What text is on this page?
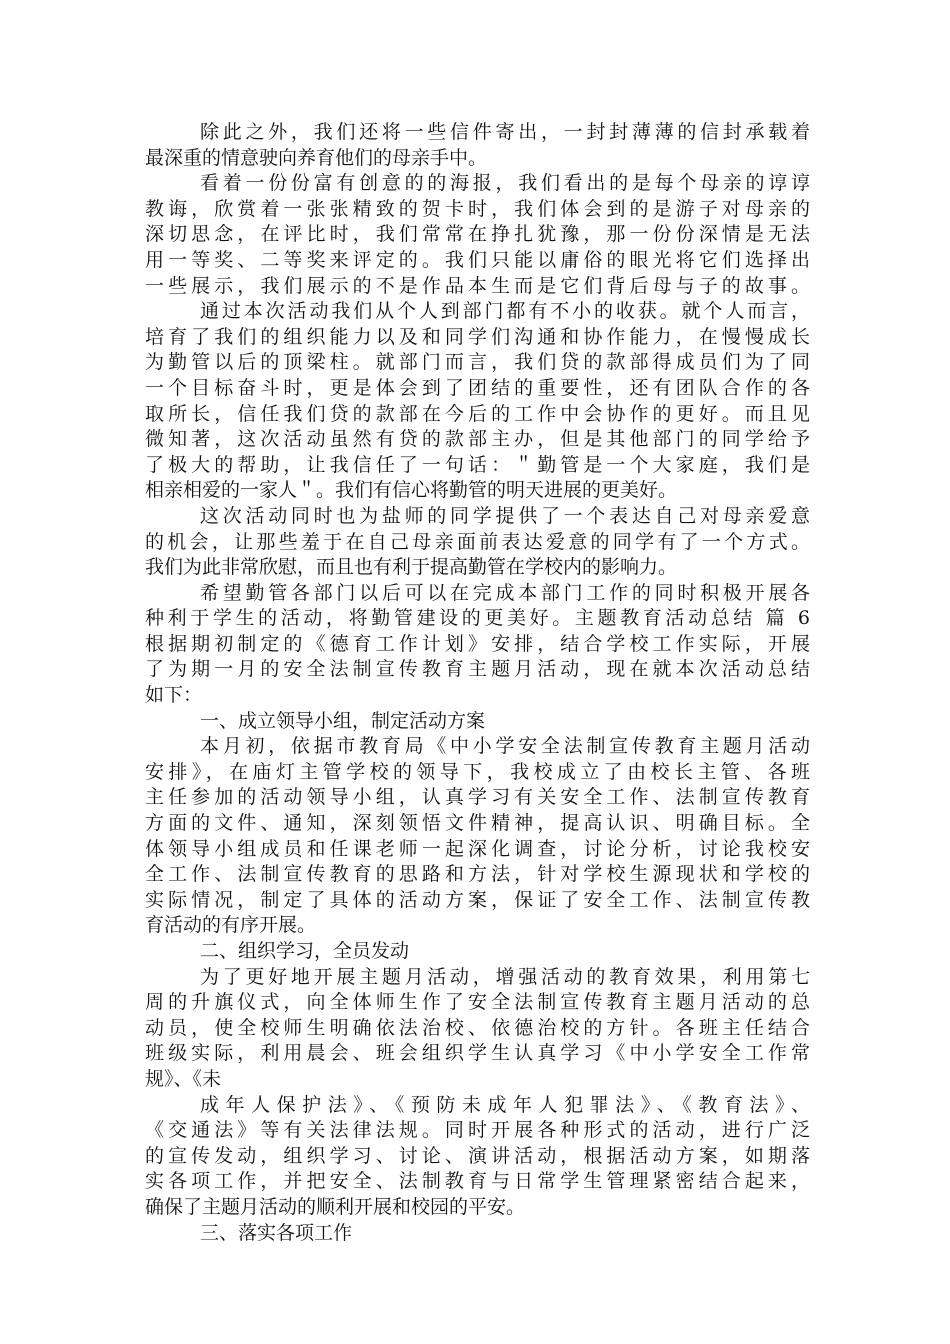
除此之外，我们还将一些信件寄出，一封封薄薄的信封承载着
最深重的情意驶向养育他们的母亲手中。
看着一份份富有创意的的海报，我们看出的是每个母亲的谆谆
教诲，欣赏着一张张精致的贺卡时，我们体会到的是游子对母亲的
深切思念，在评比时，我们常常在挣扎犹豫，那一份份深情是无法
用一等奖、二等奖来评定的。我们只能以庸俗的眼光将它们选择出
一些展示，我们展示的不是作品本生而是它们背后母与子的故事。
通过本次活动我们从个人到部门都有不小的收获。就个人而言，
培育了我们的组织能力以及和同学们沟通和协作能力，在慢慢成长
为勤管以后的顶梁柱。就部门而言，我们贷的款部得成员们为了同
一个目标奋斗时，更是体会到了团结的重要性，还有团队合作的各
取所长，信任我们贷的款部在今后的工作中会协作的更好。而且见
微知著，这次活动虽然有贷的款部主办，但是其他部门的同学给予
了极大的帮助，让我信任了一句话：＂勤管是一个大家庭，我们是
相亲相爱的一家人＂。我们有信心将勤管的明天进展的更美好。
这次活动同时也为盐师的同学提供了一个表达自己对母亲爱意
的机会，让那些羞于在自己母亲面前表达爱意的同学有了一个方式。
我们为此非常欣慰，而且也有利于提高勤管在学校内的影响力。
希望勤管各部门以后可以在完成本部门工作的同时积极开展各
种利于学生的活动，将勤管建设的更美好。主题教育活动总结 篇 6
根据期初制定的《德育工作计划》安排，结合学校工作实际，开展
了为期一月的安全法制宣传教育主题月活动，现在就本次活动总结
如下：
一、成立领导小组，制定活动方案
本月初，依据市教育局《中小学安全法制宣传教育主题月活动
安排》，在庙灯主管学校的领导下，我校成立了由校长主管、各班
主任参加的活动领导小组，认真学习有关安全工作、法制宣传教育
方面的文件、通知，深刻领悟文件精神，提高认识、明确目标。全
体领导小组成员和任课老师一起深化调查，讨论分析，讨论我校安
全工作、法制宣传教育的思路和方法，针对学校生源现状和学校的
实际情况，制定了具体的活动方案，保证了安全工作、法制宣传教
育活动的有序开展。
二、组织学习，全员发动
为了更好地开展主题月活动，增强活动的教育效果，利用第七
周的升旗仪式，向全体师生作了安全法制宣传教育主题月活动的总
动员，使全校师生明确依法治校、依德治校的方针。各班主任结合
班级实际，利用晨会、班会组织学生认真学习《中小学安全工作常
规》、《未
成年人保护法》、《预防未成年人犯罪法》、《教育法》、
《交通法》等有关法律法规。同时开展各种形式的活动，进行广泛
的宣传发动，组织学习、讨论、演讲活动，根据活动方案，如期落
实各项工作，并把安全、法制教育与日常学生管理紧密结合起来，
确保了主题月活动的顺利开展和校园的平安。
三、落实各项工作
